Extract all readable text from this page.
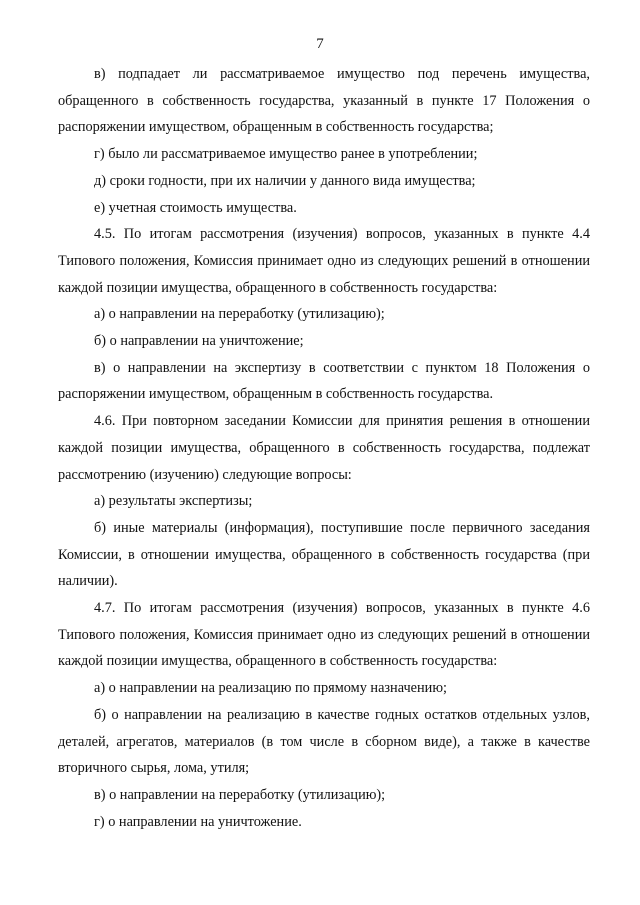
7

в) подпадает ли рассматриваемое имущество под перечень имущества, обращенного в собственность государства, указанный в пункте 17 Положения о распоряжении имуществом, обращенным в собственность государства;

г) было ли рассматриваемое имущество ранее в употреблении;

д) сроки годности, при их наличии у данного вида имущества;

е) учетная стоимость имущества.

4.5. По итогам рассмотрения (изучения) вопросов, указанных в пункте 4.4 Типового положения, Комиссия принимает одно из следующих решений в отношении каждой позиции имущества, обращенного в собственность государства:

а) о направлении на переработку (утилизацию);

б) о направлении на уничтожение;

в) о направлении на экспертизу в соответствии с пунктом 18 Положения о распоряжении имуществом, обращенным в собственность государства.

4.6. При повторном заседании Комиссии для принятия решения в отношении каждой позиции имущества, обращенного в собственность государства, подлежат рассмотрению (изучению) следующие вопросы:

а) результаты экспертизы;

б) иные материалы (информация), поступившие после первичного заседания Комиссии, в отношении имущества, обращенного в собственность государства (при наличии).

4.7. По итогам рассмотрения (изучения) вопросов, указанных в пункте 4.6 Типового положения, Комиссия принимает одно из следующих решений в отношении каждой позиции имущества, обращенного в собственность государства:

а) о направлении на реализацию по прямому назначению;

б) о направлении на реализацию в качестве годных остатков отдельных узлов, деталей, агрегатов, материалов (в том числе в сборном виде), а также в качестве вторичного сырья, лома, утиля;

в) о направлении на переработку (утилизацию);

г) о направлении на уничтожение.
